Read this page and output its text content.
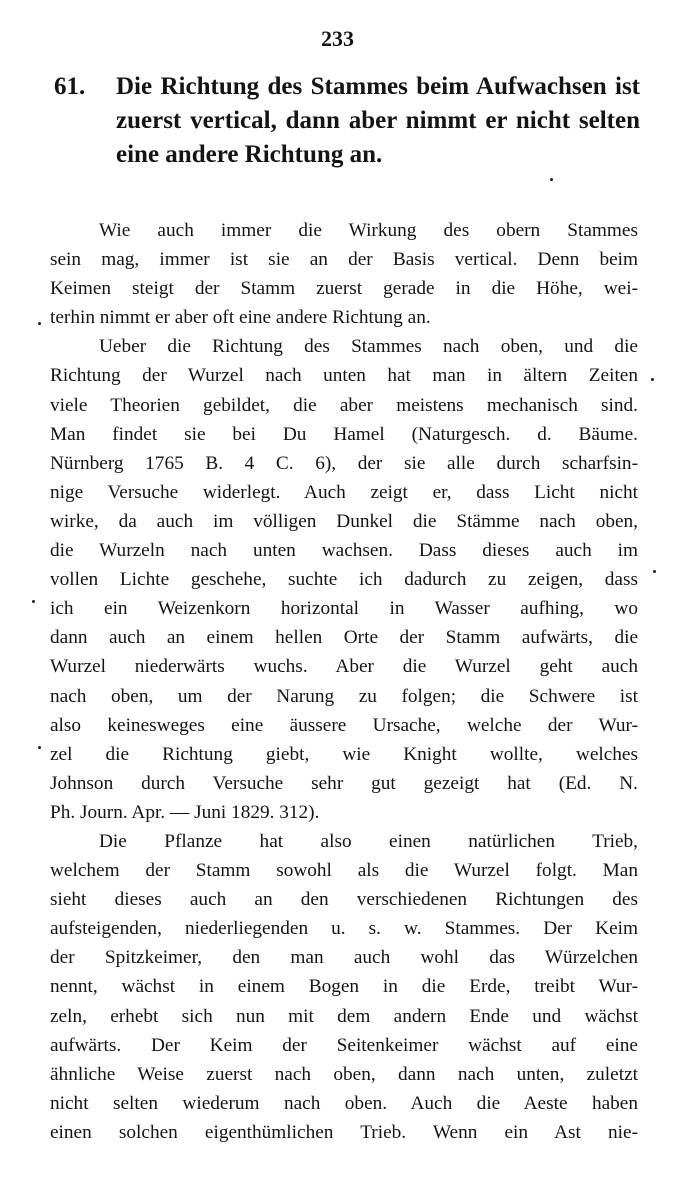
233
61. Die Richtung des Stammes beim Aufwachsen ist zuerst vertical, dann aber nimmt er nicht selten eine andere Richtung an.
Wie auch immer die Wirkung des obern Stammes
sein mag, immer ist sie an der Basis vertical. Denn beim
Keimen steigt der Stamm zuerst gerade in die Höhe, wei-
terhin nimmt er aber oft eine andere Richtung an.
Ueber die Richtung des Stammes nach oben, und die
Richtung der Wurzel nach unten hat man in ältern Zeiten
viele Theorien gebildet, die aber meistens mechanisch sind.
Man findet sie bei Du Hamel (Naturgesch. d. Bäume.
Nürnberg 1765 B. 4 C. 6), der sie alle durch scharfsin-
nige Versuche widerlegt. Auch zeigt er, dass Licht nicht
wirke, da auch im völligen Dunkel die Stämme nach oben,
die Wurzeln nach unten wachsen. Dass dieses auch im
vollen Lichte geschehe, suchte ich dadurch zu zeigen, dass
ich ein Weizenkorn horizontal in Wasser aufhing, wo
dann auch an einem hellen Orte der Stamm aufwärts, die
Wurzel niederwärts wuchs. Aber die Wurzel geht auch
nach oben, um der Narung zu folgen; die Schwere ist
also keinesweges eine äussere Ursache, welche der Wur-
zel die Richtung giebt, wie Knight wollte, welches
Johnson durch Versuche sehr gut gezeigt hat (Ed. N.
Ph. Journ. Apr. — Juni 1829. 312).
Die Pflanze hat also einen natürlichen Trieb,
welchem der Stamm sowohl als die Wurzel folgt. Man
sieht dieses auch an den verschiedenen Richtungen des
aufsteigenden, niederliegenden u. s. w. Stammes. Der Keim
der Spitzkeimer, den man auch wohl das Würzelchen
nennt, wächst in einem Bogen in die Erde, treibt Wur-
zeln, erhebt sich nun mit dem andern Ende und wächst
aufwärts. Der Keim der Seitenkeimer wächst auf eine
ähnliche Weise zuerst nach oben, dann nach unten, zuletzt
nicht selten wiederum nach oben. Auch die Aeste haben
einen solchen eigenthümlichen Trieb. Wenn ein Ast nie-
